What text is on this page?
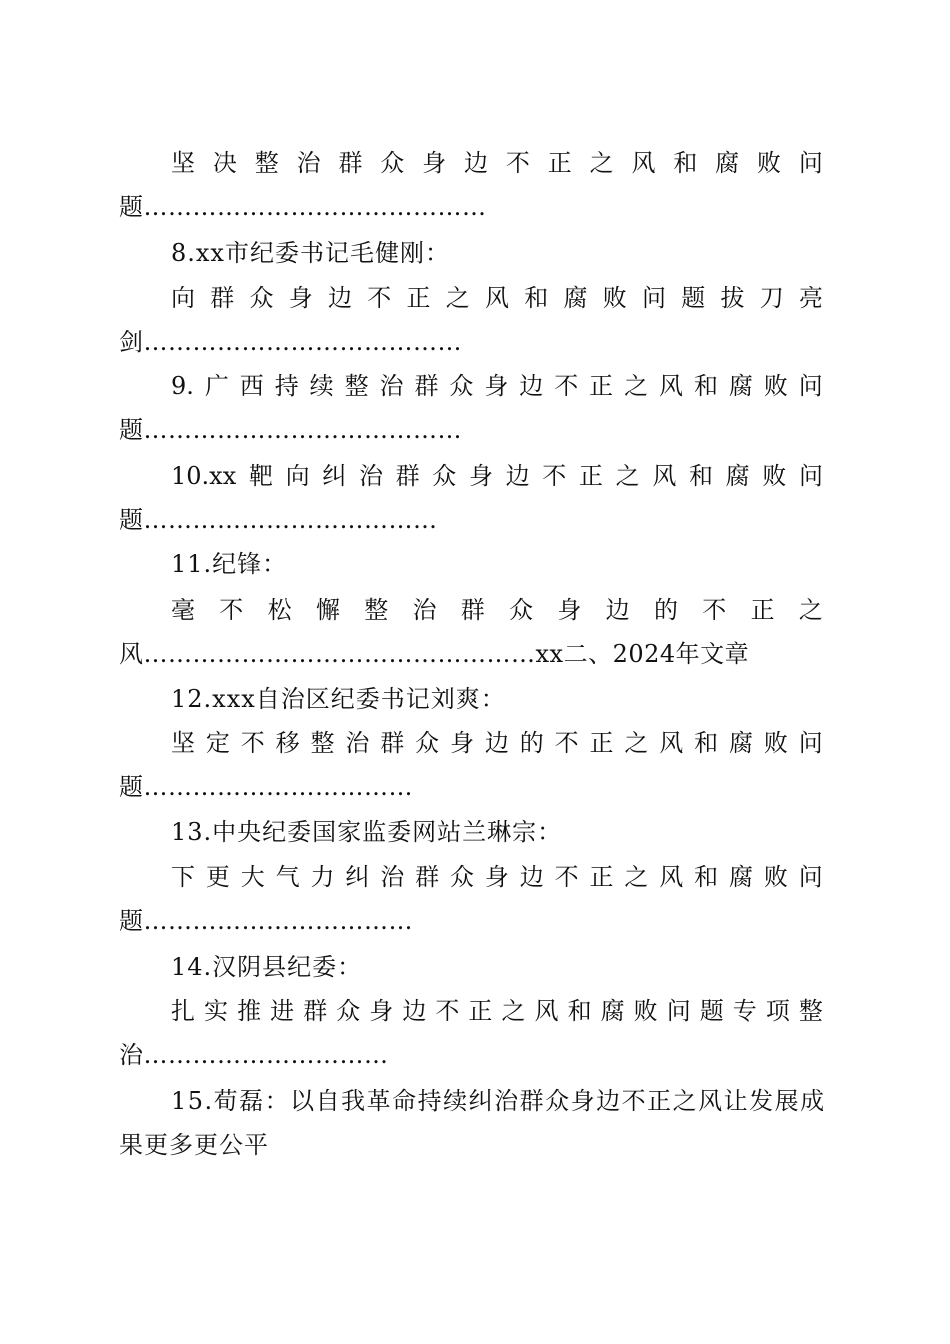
坚 决 整 治 群 众 身 边 不 正 之 风 和 腐 败 问
题……………………………………
8.xx市纪委书记毛健刚：
向 群 众 身 边 不 正 之 风 和 腐 败 问 题 拔 刀 亮
剑…………………………………
9. 广 西 持 续 整 治 群 众 身 边 不 正 之 风 和 腐 败 问
题…………………………………
10.xx 靶 向 纠 治 群 众 身 边 不 正 之 风 和 腐 败 问
题………………………………
11.纪锋：
毫 不 松 懈 整 治 群 众 身 边 的 不 正 之
风…………………………………………xx二、2024年文章
12.xxx自治区纪委书记刘爽：
坚 定 不 移 整 治 群 众 身 边 的 不 正 之 风 和 腐 败 问
题……………………………
13.中央纪委国家监委网站兰琳宗：
下 更 大 气 力 纠 治 群 众 身 边 不 正 之 风 和 腐 败 问
题……………………………
14.汉阴县纪委：
扎 实 推 进 群 众 身 边 不 正 之 风 和 腐 败 问 题 专 项 整
治…………………………
15.荀磊：以自我革命持续纠治群众身边不正之风让发展成
果更多更公平
